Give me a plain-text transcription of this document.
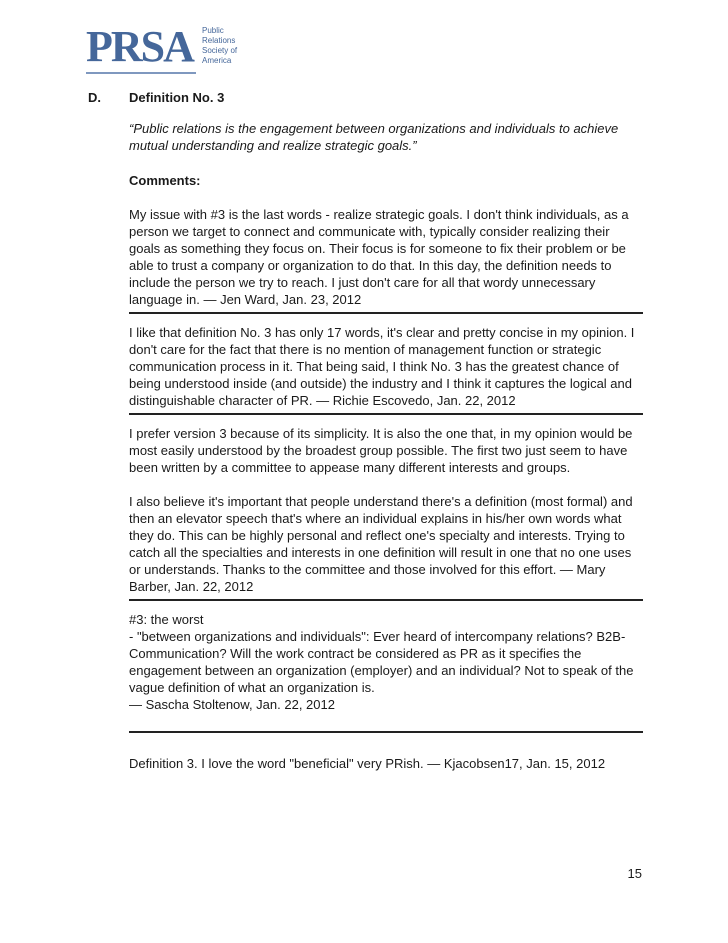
PRSA Public
Relations
Society of
America
D. Definition No. 3

“Public relations is the engagement between organizations and individuals to achieve mutual understanding and realize strategic goals.”

Comments:

My issue with #3 is the last words - realize strategic goals. I don't think individuals, as a person we target to connect and communicate with, typically consider realizing their goals as something they focus on. Their focus is for someone to fix their problem or be able to trust a company or organization to do that. In this day, the definition needs to include the person we try to reach. I just don't care for all that wordy unnecessary language in. — Jen Ward, Jan. 23, 2012

I like that definition No. 3 has only 17 words, it's clear and pretty concise in my opinion. I don't care for the fact that there is no mention of management function or strategic communication process in it. That being said, I think No. 3 has the greatest chance of being understood inside (and outside) the industry and I think it captures the logical and distinguishable character of PR. — Richie Escovedo, Jan. 22, 2012

I prefer version 3 because of its simplicity. It is also the one that, in my opinion would be most easily understood by the broadest group possible. The first two just seem to have been written by a committee to appease many different interests and groups.

I also believe it's important that people understand there's a definition (most formal) and then an elevator speech that's where an individual explains in his/her own words what they do. This can be highly personal and reflect one's specialty and interests. Trying to catch all the specialties and interests in one definition will result in one that no one uses or understands. Thanks to the committee and those involved for this effort. — Mary Barber, Jan. 22, 2012

#3: the worst

- "between organizations and individuals": Ever heard of intercompany relations? B2B-Communication? Will the work contract be considered as PR as it specifies the engagement between an organization (employer) and an individual? Not to speak of the vague definition of what an organization is.

— Sascha Stoltenow, Jan. 22, 2012

Definition 3. I love the word "beneficial" very PRish. — Kjacobsen17, Jan. 15, 2012

15
